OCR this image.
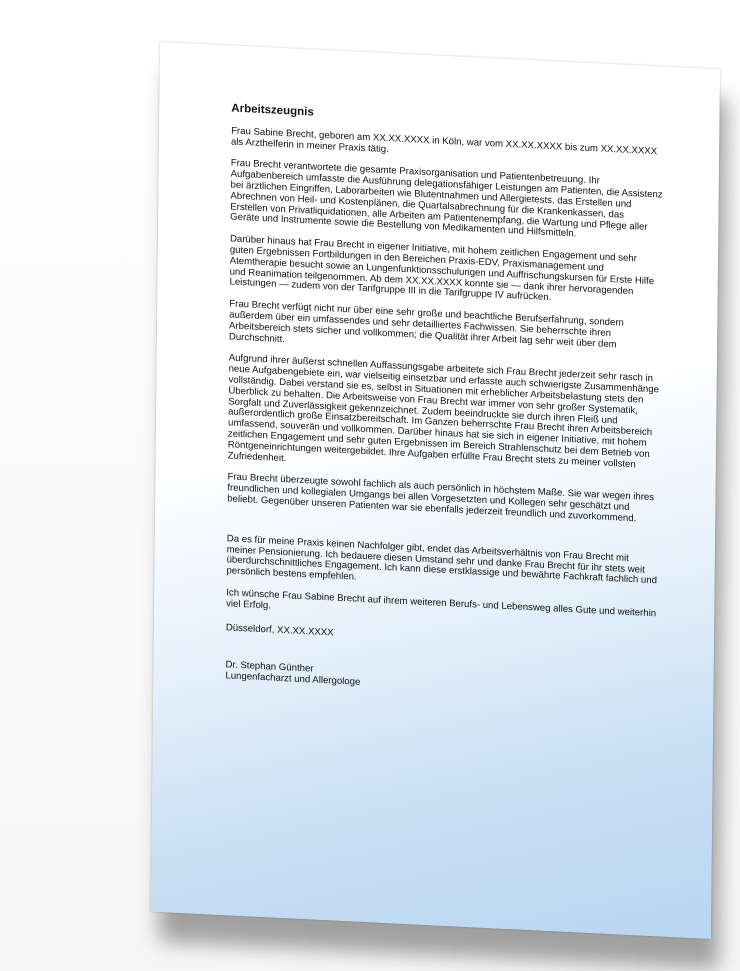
Arbeitszeugnis

Frau Sabine Brecht, geboren am XX.XX.XXXX in Köln, war vom XX.XX.XXXX bis zum XX.XX.XXXX als Arzthelferin in meiner Praxis tätig.

Frau Brecht verantwortete die gesamte Praxisorganisation und Patientenbetreuung. Ihr Aufgabenbereich umfasste die Ausführung delegationsfähiger Leistungen am Patienten, die Assistenz bei ärztlichen Eingriffen, Laborarbeiten wie Blutentnahmen und Allergietests, das Erstellen und Abrechnen von Heil- und Kostenplänen, die Quartalsabrechnung für die Krankenkassen, das Erstellen von Privatliquidationen, alle Arbeiten am Patientenempfang, die Wartung und Pflege aller Geräte und Instrumente sowie die Bestellung von Medikamenten und Hilfsmitteln.

Darüber hinaus hat Frau Brecht in eigener Initiative, mit hohem zeitlichen Engagement und sehr guten Ergebnissen Fortbildungen in den Bereichen Praxis-EDV, Praxismanagement und Atemtherapie besucht sowie an Lungenfunktionsschulungen und Auffrischungskursen für Erste Hilfe und Reanimation teilgenommen. Ab dem XX.XX.XXXX konnte sie — dank ihrer hervoragenden Leistungen — zudem von der Tarifgruppe III in die Tarifgruppe IV aufrücken.

Frau Brecht verfügt nicht nur über eine sehr große und beachtliche Berufserfahrung, sondern außerdem über ein umfassendes und sehr detailliertes Fachwissen. Sie beherrschte ihren Arbeitsbereich stets sicher und vollkommen; die Qualität ihrer Arbeit lag sehr weit über dem Durchschnitt.

Aufgrund ihrer äußerst schnellen Auffassungsgabe arbeitete sich Frau Brecht jederzeit sehr rasch in neue Aufgabengebiete ein, war vielseitig einsetzbar und erfasste auch schwierigste Zusammenhänge vollständig. Dabei verstand sie es, selbst in Situationen mit erheblicher Arbeitsbelastung stets den Überblick zu behalten. Die Arbeitsweise von Frau Brecht war immer von sehr großer Systematik, Sorgfalt und Zuverlässigkeit gekennzeichnet. Zudem beeindruckte sie durch ihren Fleiß und außerordentlich große Einsatzbereitschaft. Im Ganzen beherrschte Frau Brecht ihren Arbeitsbereich umfassend, souverän und vollkommen. Darüber hinaus hat sie sich in eigener Initiative, mit hohem zeitlichen Engagement und sehr guten Ergebnissen im Bereich Strahlenschutz bei dem Betrieb von Röntgeneinrichtungen weitergebildet. Ihre Aufgaben erfüllte Frau Brecht stets zu meiner vollsten Zufriedenheit.

Frau Brecht überzeugte sowohl fachlich als auch persönlich in höchstem Maße. Sie war wegen ihres freundlichen und kollegialen Umgangs bei allen Vorgesetzten und Kollegen sehr geschätzt und beliebt. Gegenüber unseren Patienten war sie ebenfalls jederzeit freundlich und zuvorkommend.

Da es für meine Praxis keinen Nachfolger gibt, endet das Arbeitsverhältnis von Frau Brecht mit meiner Pensionierung. Ich bedauere diesen Umstand sehr und danke Frau Brecht für ihr stets weit überdurchschnittliches Engagement. Ich kann diese erstklassige und bewährte Fachkraft fachlich und persönlich bestens empfehlen.

Ich wünsche Frau Sabine Brecht auf ihrem weiteren Berufs- und Lebensweg alles Gute und weiterhin viel Erfolg.

Düsseldorf, XX.XX.XXXX

Dr. Stephan Günther
Lungenfacharzt und Allergologe
